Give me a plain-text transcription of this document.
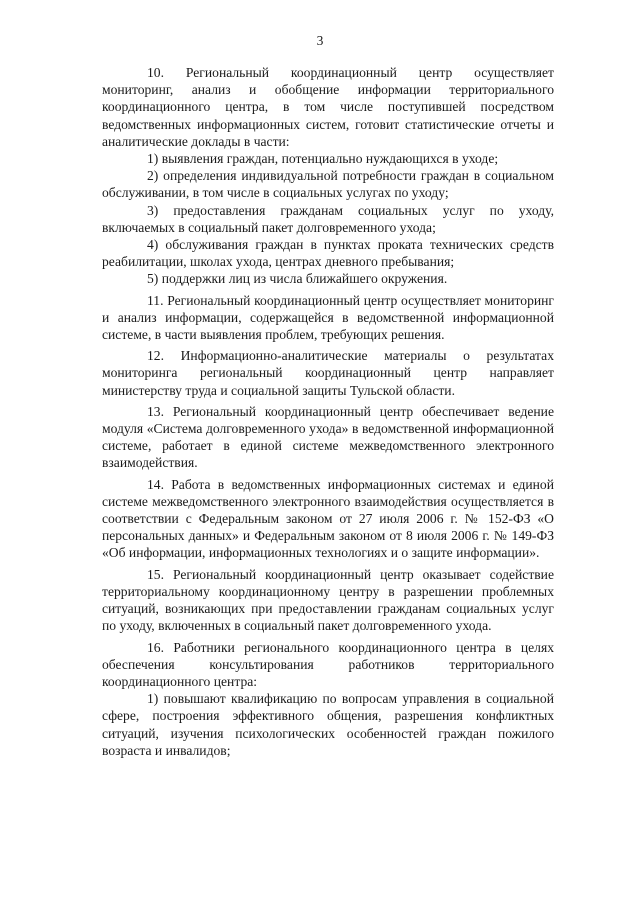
3

10. Региональный координационный центр осуществляет мониторинг, анализ и обобщение информации территориального координационного центра, в том числе поступившей посредством ведомственных информационных систем, готовит статистические отчеты и аналитические доклады в части:

1) выявления граждан, потенциально нуждающихся в уходе;

2) определения индивидуальной потребности граждан в социальном обслуживании, в том числе в социальных услугах по уходу;

3) предоставления гражданам социальных услуг по уходу, включаемых в социальный пакет долговременного ухода;

4) обслуживания граждан в пунктах проката технических средств реабилитации, школах ухода, центрах дневного пребывания;

5) поддержки лиц из числа ближайшего окружения.

11. Региональный координационный центр осуществляет мониторинг и анализ информации, содержащейся в ведомственной информационной системе, в части выявления проблем, требующих решения.

12. Информационно-аналитические материалы о результатах мониторинга региональный координационный центр направляет министерству труда и социальной защиты Тульской области.

13. Региональный координационный центр обеспечивает ведение модуля «Система долговременного ухода» в ведомственной информационной системе, работает в единой системе межведомственного электронного взаимодействия.

14. Работа в ведомственных информационных системах и единой системе межведомственного электронного взаимодействия осуществляется в соответствии с Федеральным законом от 27 июля 2006 г. № 152-ФЗ «О персональных данных» и Федеральным законом от 8 июля 2006 г. № 149-ФЗ «Об информации, информационных технологиях и о защите информации».

15. Региональный координационный центр оказывает содействие территориальному координационному центру в разрешении проблемных ситуаций, возникающих при предоставлении гражданам социальных услуг по уходу, включенных в социальный пакет долговременного ухода.

16. Работники регионального координационного центра в целях обеспечения консультирования работников территориального координационного центра:

1) повышают квалификацию по вопросам управления в социальной сфере, построения эффективного общения, разрешения конфликтных ситуаций, изучения психологических особенностей граждан пожилого возраста и инвалидов;
